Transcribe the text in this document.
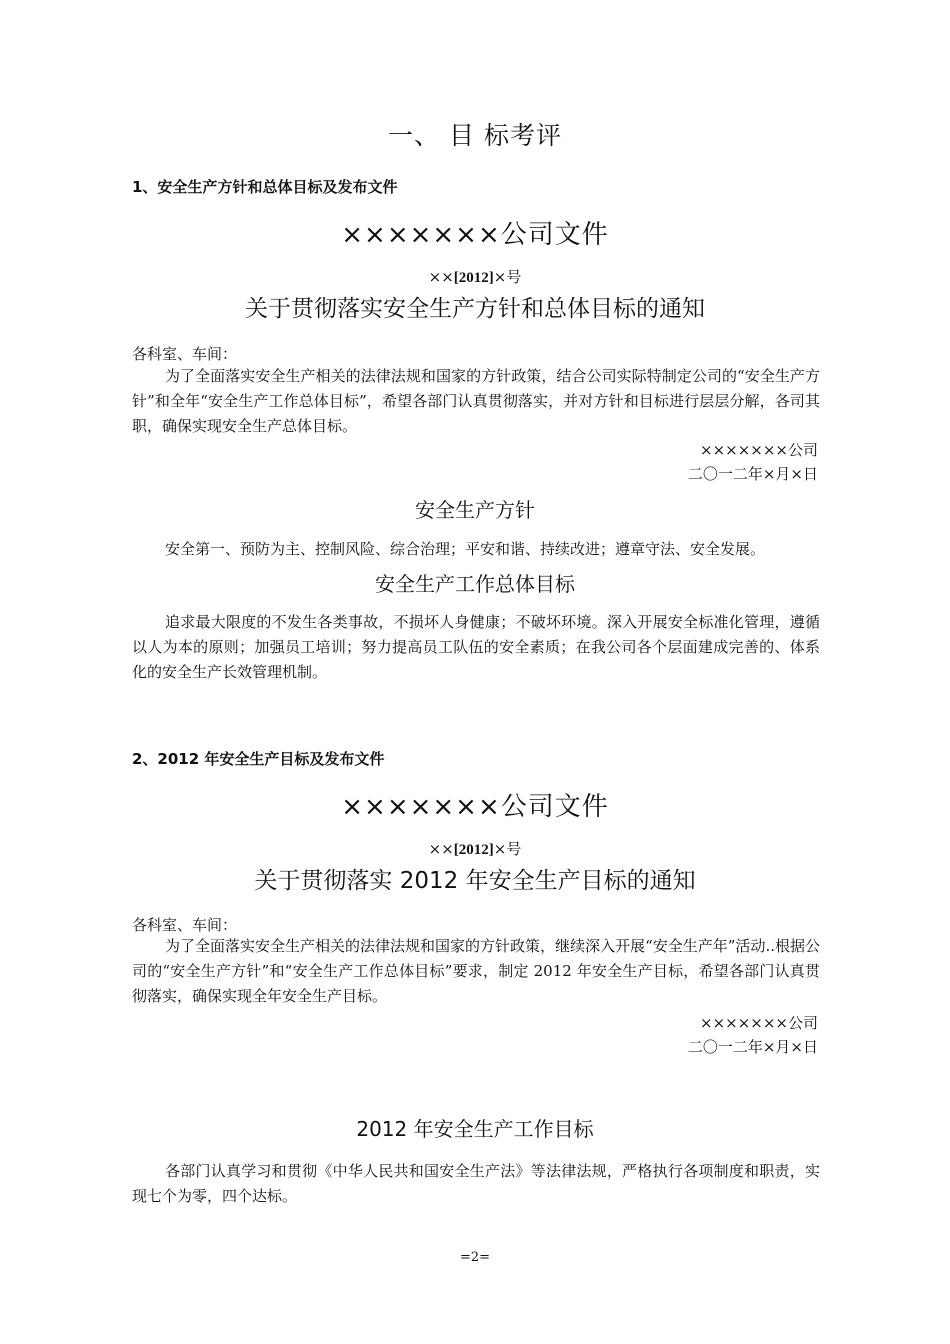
一、 目 标考评
1、安全生产方针和总体目标及发布文件
×××××××公司文件
××[2012]×号
关于贯彻落实安全生产方针和总体目标的通知
各科室、车间：
为了全面落实安全生产相关的法律法规和国家的方针政策，结合公司实际特制定公司的“安全生产方针”和全年“安全生产工作总体目标”，希望各部门认真贯彻落实，并对方针和目标进行层层分解，各司其职，确保实现安全生产总体目标。
×××××××公司
二〇一二年×月×日
安全生产方针
安全第一、预防为主、控制风险、综合治理；平安和谐、持续改进；遵章守法、安全发展。
安全生产工作总体目标
追求最大限度的不发生各类事故，不损坏人身健康；不破坏环境。深入开展安全标准化管理，遵循以人为本的原则；加强员工培训；努力提高员工队伍的安全素质；在我公司各个层面建成完善的、体系化的安全生产长效管理机制。
2、2012 年安全生产目标及发布文件
×××××××公司文件
××[2012]×号
关于贯彻落实 2012 年安全生产目标的通知
各科室、车间：
为了全面落实安全生产相关的法律法规和国家的方针政策，继续深入开展“安全生产年”活动..根据公司的“安全生产方针”和“安全生产工作总体目标”要求，制定 2012 年安全生产目标，希望各部门认真贯彻落实，确保实现全年安全生产目标。
×××××××公司
二〇一二年×月×日
2012 年安全生产工作目标
各部门认真学习和贯彻《中华人民共和国安全生产法》等法律法规，严格执行各项制度和职责，实现七个为零，四个达标。
=2=
